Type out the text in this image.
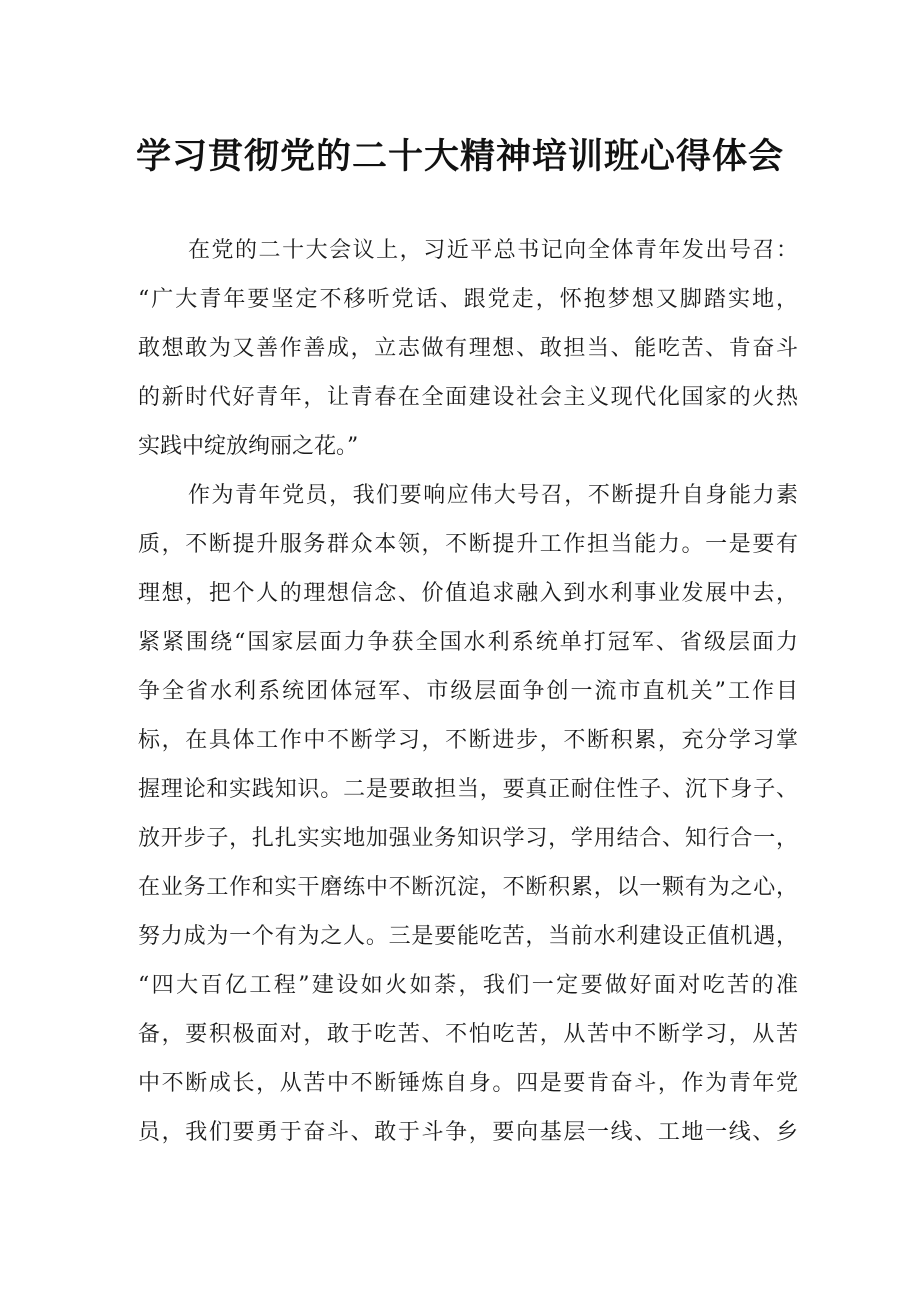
学习贯彻党的二十大精神培训班心得体会
在党的二十大会议上，习近平总书记向全体青年发出号召：
“广大青年要坚定不移听党话、跟党走，怀抱梦想又脚踏实地，
敢想敢为又善作善成，立志做有理想、敢担当、能吃苦、肯奋斗
的新时代好青年，让青春在全面建设社会主义现代化国家的火热
实践中绽放绚丽之花。”
作为青年党员，我们要响应伟大号召，不断提升自身能力素
质，不断提升服务群众本领，不断提升工作担当能力。一是要有
理想，把个人的理想信念、价值追求融入到水利事业发展中去，
紧紧围绕“国家层面力争获全国水利系统单打冠军、省级层面力
争全省水利系统团体冠军、市级层面争创一流市直机关”工作目
标，在具体工作中不断学习，不断进步，不断积累，充分学习掌
握理论和实践知识。二是要敢担当，要真正耐住性子、沉下身子、
放开步子，扎扎实实地加强业务知识学习，学用结合、知行合一，
在业务工作和实干磨练中不断沉淀，不断积累，以一颗有为之心，
努力成为一个有为之人。三是要能吃苦，当前水利建设正值机遇，
“四大百亿工程”建设如火如荼，我们一定要做好面对吃苦的准
备，要积极面对，敢于吃苦、不怕吃苦，从苦中不断学习，从苦
中不断成长，从苦中不断锤炼自身。四是要肯奋斗，作为青年党
员，我们要勇于奋斗、敢于斗争，要向基层一线、工地一线、乡
